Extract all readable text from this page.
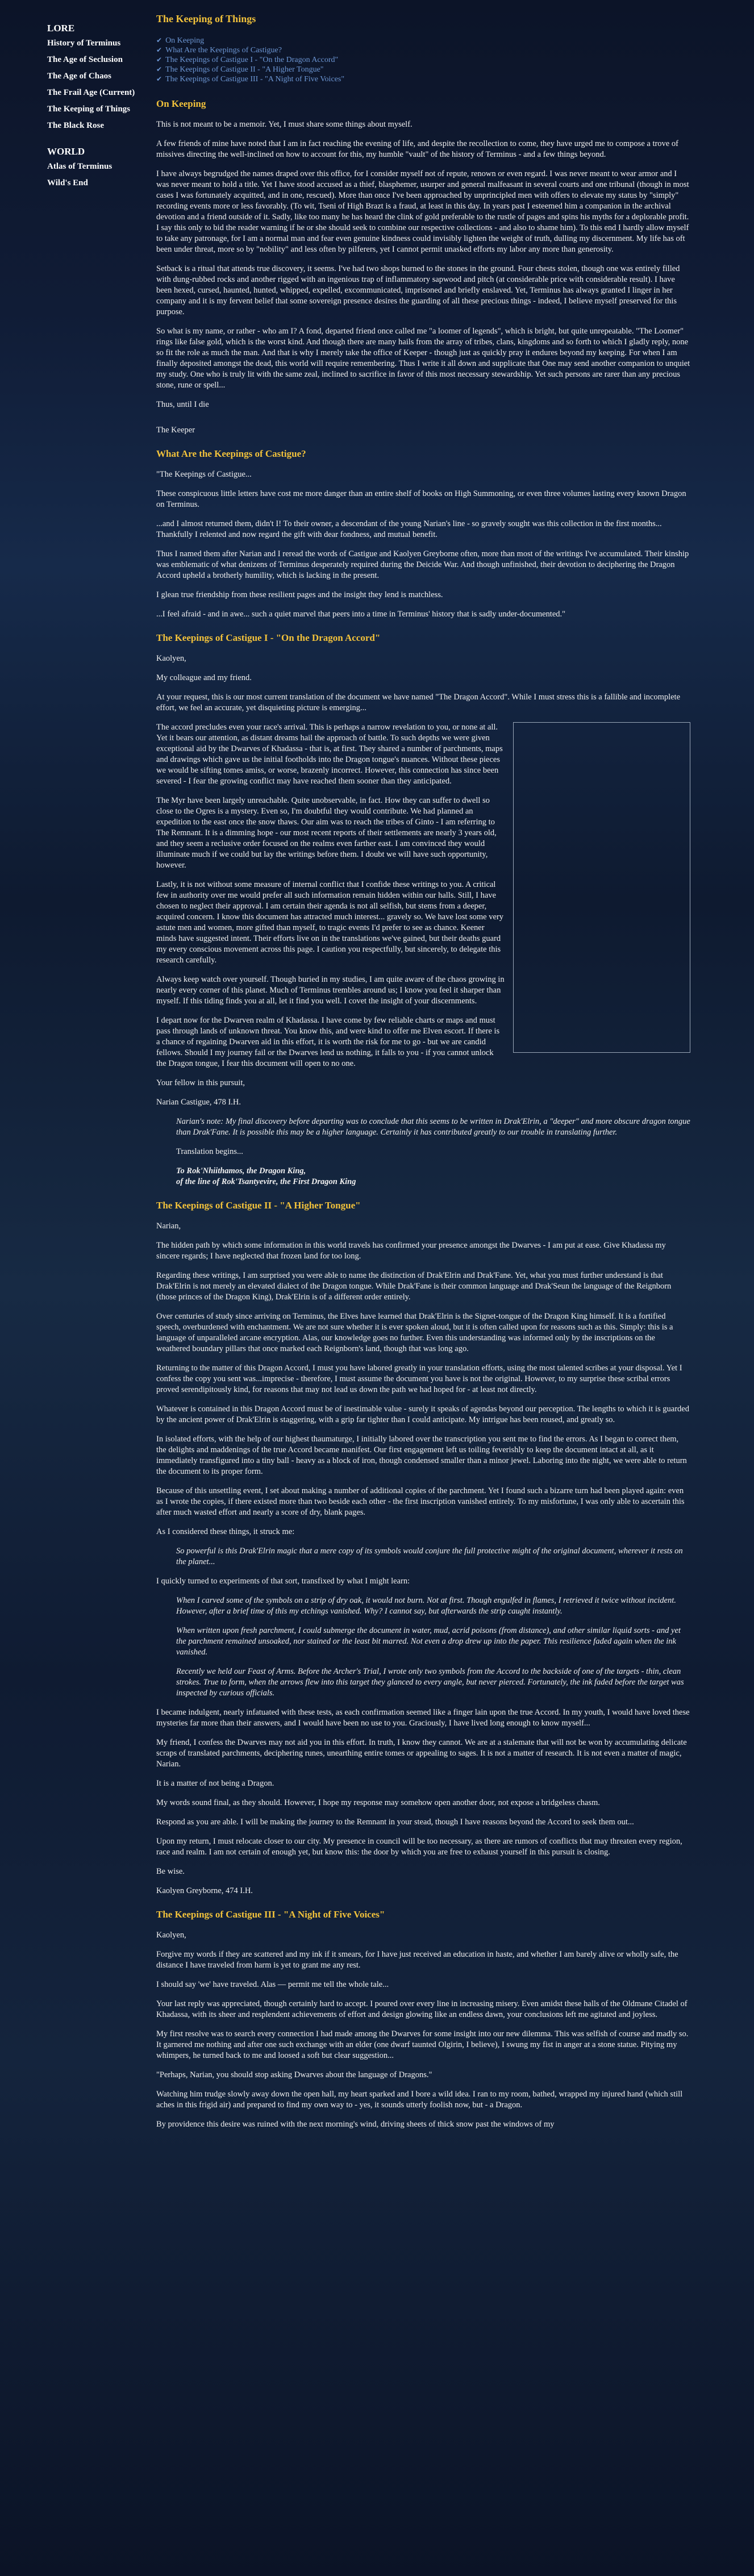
LORE
History of Terminus
The Age of Seclusion
The Age of Chaos
The Frail Age (Current)
The Keeping of Things
The Black Rose
WORLD
Atlas of Terminus
Wild's End
The Keeping of Things
✔ On Keeping
✔ What Are the Keepings of Castigue?
✔ The Keepings of Castigue I - "On the Dragon Accord"
✔ The Keepings of Castigue II - "A Higher Tongue"
✔ The Keepings of Castigue III - "A Night of Five Voices"
On Keeping

This is not meant to be a memoir. Yet, I must share some things about myself.

A few friends of mine have noted that I am in fact reaching the evening of life, and despite the recollection to come, they have urged me to compose a trove of missives directing the well-inclined on how to account for this, my humble "vault" of the history of Terminus - and a few things beyond.

I have always begrudged the names draped over this office, for I consider myself not of repute, renown or even regard. I was never meant to wear armor and I was never meant to hold a title. Yet I have stood accused as a thief, blasphemer, usurper and general malfeasant in several courts and one tribunal (though in most cases I was fortunately acquitted, and in one, rescued). More than once I've been approached by unprincipled men with offers to elevate my status by "simply" recording events more or less favorably. (To wit, Tseni of High Brazt is a fraud, at least in this day. In years past I esteemed him a companion in the archival devotion and a friend outside of it. Sadly, like too many he has heard the clink of gold preferable to the rustle of pages and spins his myths for a deplorable profit. I say this only to bid the reader warning if he or she should seek to combine our respective collections - and also to shame him). To this end I hardly allow myself to take any patronage, for I am a normal man and fear even genuine kindness could invisibly lighten the weight of truth, dulling my discernment. My life has oft been under threat, more so by "nobility" and less often by pilferers, yet I cannot permit unasked efforts my labor any more than generosity.

Setback is a ritual that attends true discovery, it seems. I've had two shops burned to the stones in the ground. Four chests stolen, though one was entirely filled with dung-rubbed rocks and another rigged with an ingenious trap of inflammatory sapwood and pitch (at considerable price with considerable result). I have been hexed, cursed, haunted, hunted, whipped, expelled, excommunicated, imprisoned and briefly enslaved. Yet, Terminus has always granted I linger in her company and it is my fervent belief that some sovereign presence desires the guarding of all these precious things - indeed, I believe myself preserved for this purpose.

So what is my name, or rather - who am I? A fond, departed friend once called me "a loomer of legends", which is bright, but quite unrepeatable. "The Loomer" rings like false gold, which is the worst kind. And though there are many hails from the array of tribes, clans, kingdoms and so forth to which I gladly reply, none so fit the role as much the man. And that is why I merely take the office of Keeper - though just as quickly pray it endures beyond my keeping. For when I am finally deposited amongst the dead, this world will require remembering. Thus I write it all down and supplicate that One may send another companion to unquiet my study. One who is truly lit with the same zeal, inclined to sacrifice in favor of this most necessary stewardship. Yet such persons are rarer than any precious stone, rune or spell...

Thus, until I die

The Keeper

What Are the Keepings of Castigue?

"The Keepings of Castigue...

These conspicuous little letters have cost me more danger than an entire shelf of books on High Summoning, or even three volumes lasting every known Dragon on Terminus.

...and I almost returned them, didn't I! To their owner, a descendant of the young Narian's line - so gravely sought was this collection in the first months... Thankfully I relented and now regard the gift with dear fondness, and mutual benefit.

Thus I named them after Narian and I reread the words of Castigue and Kaolyen Greyborne often, more than most of the writings I've accumulated. Their kinship was emblematic of what denizens of Terminus desperately required during the Deicide War. And though unfinished, their devotion to deciphering the Dragon Accord upheld a brotherly humility, which is lacking in the present.

I glean true friendship from these resilient pages and the insight they lend is matchless.

...I feel afraid - and in awe... such a quiet marvel that peers into a time in Terminus' history that is sadly under-documented."

The Keepings of Castigue I - "On the Dragon Accord"

Kaolyen,

My colleague and my friend.

At your request, this is our most current translation of the document we have named "The Dragon Accord". While I must stress this is a fallible and incomplete effort, we feel an accurate, yet disquieting picture is emerging...

The accord precludes even your race's arrival. This is perhaps a narrow revelation to you, or none at all. Yet it bears our attention, as distant dreams hail the approach of battle. To such depths we were given exceptional aid by the Dwarves of Khadassa - that is, at first. They shared a number of parchments, maps and drawings which gave us the initial footholds into the Dragon tongue's nuances. Without these pieces we would be sifting tomes amiss, or worse, brazenly incorrect. However, this connection has since been severed - I fear the growing conflict may have reached them sooner than they anticipated.

The Myr have been largely unreachable. Quite unobservable, in fact. How they can suffer to dwell so close to the Ogres is a mystery. Even so, I'm doubtful they would contribute. We had planned an expedition to the east once the snow thaws. Our aim was to reach the tribes of Ginto - I am referring to The Remnant. It is a dimming hope - our most recent reports of their settlements are nearly 3 years old, and they seem a reclusive order focused on the realms even farther east. I am convinced they would illuminate much if we could but lay the writings before them. I doubt we will have such opportunity, however.

Lastly, it is not without some measure of internal conflict that I confide these writings to you. A critical few in authority over me would prefer all such information remain hidden within our halls. Still, I have chosen to neglect their approval. I am certain their agenda is not all selfish, but stems from a deeper, acquired concern. I know this document has attracted much interest... gravely so. We have lost some very astute men and women, more gifted than myself, to tragic events I'd prefer to see as chance. Keener minds have suggested intent. Their efforts live on in the translations we've gained, but their deaths guard my every conscious movement across this page. I caution you respectfully, but sincerely, to delegate this research carefully.

Always keep watch over yourself. Though buried in my studies, I am quite aware of the chaos growing in nearly every corner of this planet. Much of Terminus trembles around us; I know you feel it sharper than myself. If this tiding finds you at all, let it find you well. I covet the insight of your discernments.

I depart now for the Dwarven realm of Khadassa. I have come by few reliable charts or maps and must pass through lands of unknown threat. You know this, and were kind to offer me Elven escort. If there is a chance of regaining Dwarven aid in this effort, it is worth the risk for me to go - but we are candid fellows. Should I my journey fail or the Dwarves lend us nothing, it falls to you - if you cannot unlock the Dragon tongue, I fear this document will open to no one.

Your fellow in this pursuit,

Narian Castigue, 478 I.H.

Narian's note: My final discovery before departing was to conclude that this seems to be written in Drak'Elrin, a "deeper" and more obscure dragon tongue than Drak'Fane. It is possible this may be a higher language. Certainly it has contributed greatly to our trouble in translating further.

Translation begins...

To Rok'Nhiithamos, the Dragon King,

of the line of Rok'Tsantyevire, the First Dragon King

The Keepings of Castigue II - "A Higher Tongue"

Narian,

The hidden path by which some information in this world travels has confirmed your presence amongst the Dwarves - I am put at ease. Give Khadassa my sincere regards; I have neglected that frozen land for too long.

Regarding these writings, I am surprised you were able to name the distinction of Drak'Elrin and Drak'Fane. Yet, what you must further understand is that Drak'Elrin is not merely an elevated dialect of the Dragon tongue. While Drak'Fane is their common language and Drak'Seun the language of the Reignborn (those princes of the Dragon King), Drak'Elrin is of a different order entirely.

Over centuries of study since arriving on Terminus, the Elves have learned that Drak'Elrin is the Signet-tongue of the Dragon King himself. It is a fortified speech, overburdened with enchantment. We are not sure whether it is ever spoken aloud, but it is often called upon for reasons such as this. Simply: this is a language of unparalleled arcane encryption. Alas, our knowledge goes no further. Even this understanding was informed only by the inscriptions on the weathered boundary pillars that once marked each Reignborn's land, though that was long ago.

Returning to the matter of this Dragon Accord, I must you have labored greatly in your translation efforts, using the most talented scribes at your disposal. Yet I confess the copy you sent was...imprecise - therefore, I must assume the document you have is not the original. However, to my surprise these scribal errors proved serendipitously kind, for reasons that may not lead us down the path we had hoped for - at least not directly.

Whatever is contained in this Dragon Accord must be of inestimable value - surely it speaks of agendas beyond our perception. The lengths to which it is guarded by the ancient power of Drak'Elrin is staggering, with a grip far tighter than I could anticipate. My intrigue has been roused, and greatly so.

In isolated efforts, with the help of our highest thaumaturge, I initially labored over the transcription you sent me to find the errors. As I began to correct them, the delights and maddenings of the true Accord became manifest. Our first engagement left us toiling feverishly to keep the document intact at all, as it immediately transfigured into a tiny ball - heavy as a block of iron, though condensed smaller than a minor jewel. Laboring into the night, we were able to return the document to its proper form.

Because of this unsettling event, I set about making a number of additional copies of the parchment. Yet I found such a bizarre turn had been played again: even as I wrote the copies, if there existed more than two beside each other - the first inscription vanished entirely. To my misfortune, I was only able to ascertain this after much wasted effort and nearly a score of dry, blank pages.

As I considered these things, it struck me:

So powerful is this Drak'Elrin magic that a mere copy of its symbols would conjure the full protective might of the original document, wherever it rests on the planet...

I quickly turned to experiments of that sort, transfixed by what I might learn:

When I carved some of the symbols on a strip of dry oak, it would not burn. Not at first. Though engulfed in flames, I retrieved it twice without incident. However, after a brief time of this my etchings vanished. Why? I cannot say, but afterwards the strip caught instantly.

When written upon fresh parchment, I could submerge the document in water, mud, acrid poisons (from distance), and other similar liquid sorts - and yet the parchment remained unsoaked, nor stained or the least bit marred. Not even a drop drew up into the paper. This resilience faded again when the ink vanished.

Recently we held our Feast of Arms. Before the Archer's Trial, I wrote only two symbols from the Accord to the backside of one of the targets - thin, clean strokes. True to form, when the arrows flew into this target they glanced to every angle, but never pierced. Fortunately, the ink faded before the target was inspected by curious officials.

I became indulgent, nearly infatuated with these tests, as each confirmation seemed like a finger lain upon the true Accord. In my youth, I would have loved these mysteries far more than their answers, and I would have been no use to you. Graciously, I have lived long enough to know myself...

My friend, I confess the Dwarves may not aid you in this effort. In truth, I know they cannot. We are at a stalemate that will not be won by accumulating delicate scraps of translated parchments, deciphering runes, unearthing entire tomes or appealing to sages. It is not a matter of research. It is not even a matter of magic, Narian.

It is a matter of not being a Dragon.

My words sound final, as they should. However, I hope my response may somehow open another door, not expose a bridgeless chasm.

Respond as you are able. I will be making the journey to the Remnant in your stead, though I have reasons beyond the Accord to seek them out...

Upon my return, I must relocate closer to our city. My presence in council will be too necessary, as there are rumors of conflicts that may threaten every region, race and realm. I am not certain of enough yet, but know this: the door by which you are free to exhaust yourself in this pursuit is closing.

Be wise.

Kaolyen Greyborne, 474 I.H.

The Keepings of Castigue III - "A Night of Five Voices"

Kaolyen,

Forgive my words if they are scattered and my ink if it smears, for I have just received an education in haste, and whether I am barely alive or wholly safe, the distance I have traveled from harm is yet to grant me any rest.

I should say 'we' have traveled. Alas — permit me tell the whole tale...

Your last reply was appreciated, though certainly hard to accept. I poured over every line in increasing misery. Even amidst these halls of the Oldmane Citadel of Khadassa, with its sheer and resplendent achievements of effort and design glowing like an endless dawn, your conclusions left me agitated and joyless.

My first resolve was to search every connection I had made among the Dwarves for some insight into our new dilemma. This was selfish of course and madly so. It garnered me nothing and after one such exchange with an elder (one dwarf taunted Olgirin, I believe), I swung my fist in anger at a stone statue. Pitying my whimpers, he turned back to me and loosed a soft but clear suggestion...

"Perhaps, Narian, you should stop asking Dwarves about the language of Dragons."

Watching him trudge slowly away down the open hall, my heart sparked and I bore a wild idea. I ran to my room, bathed, wrapped my injured hand (which still aches in this frigid air) and prepared to find my own way to - yes, it sounds utterly foolish now, but - a Dragon.

By providence this desire was ruined with the next morning's wind, driving sheets of thick snow past the windows of my
